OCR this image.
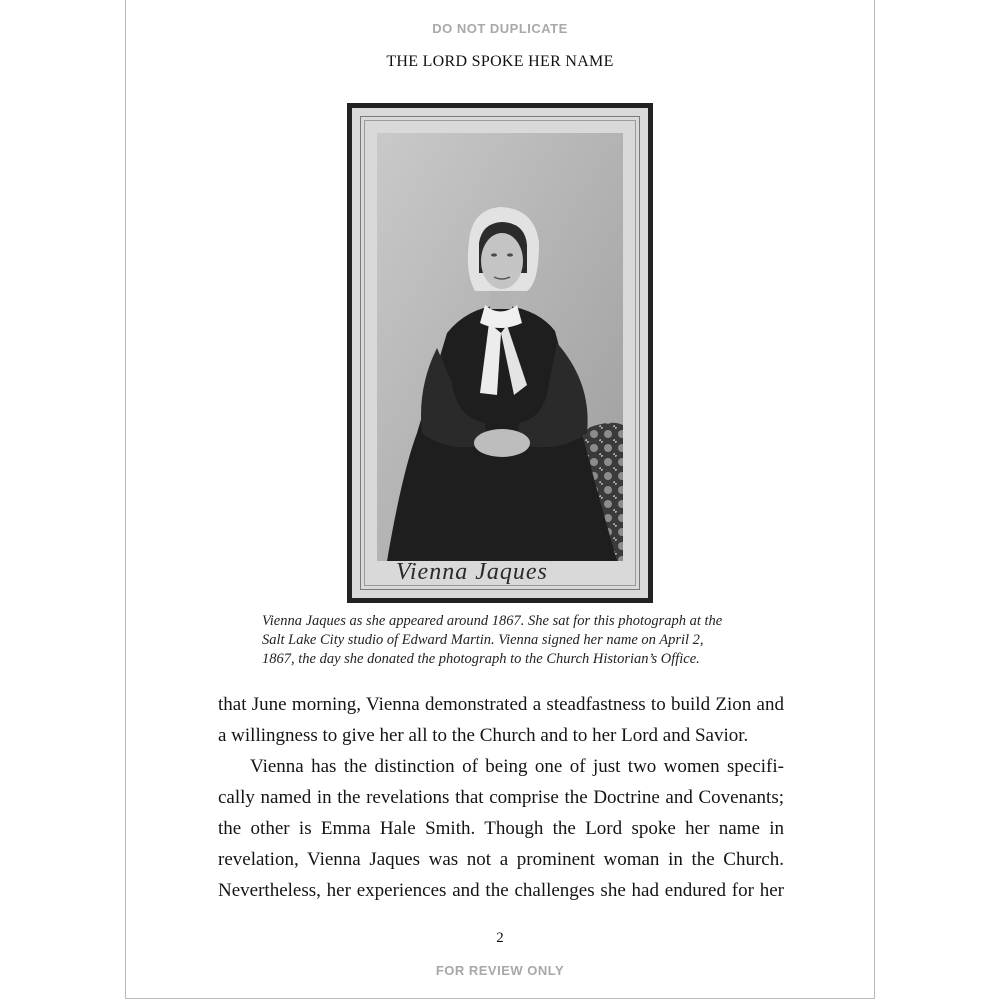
DO NOT DUPLICATE
THE LORD SPOKE HER NAME
Vienna Jaques
Vienna Jaques as she appeared around 1867. She sat for this photograph at the
Salt Lake City studio of Edward Martin. Vienna signed her name on April 2,
1867, the day she donated the photograph to the Church Historian’s Office.
that June morning, Vienna demonstrated a steadfastness to build Zion and
a willingness to give her all to the Church and to her Lord and Savior.
Vienna has the distinction of being one of just two women specifi-
cally named in the revelations that comprise the Doctrine and Covenants;
the other is Emma Hale Smith. Though the Lord spoke her name in
revelation, Vienna Jaques was not a prominent woman in the Church.
Nevertheless, her experiences and the challenges she had endured for her
2
FOR REVIEW ONLY
